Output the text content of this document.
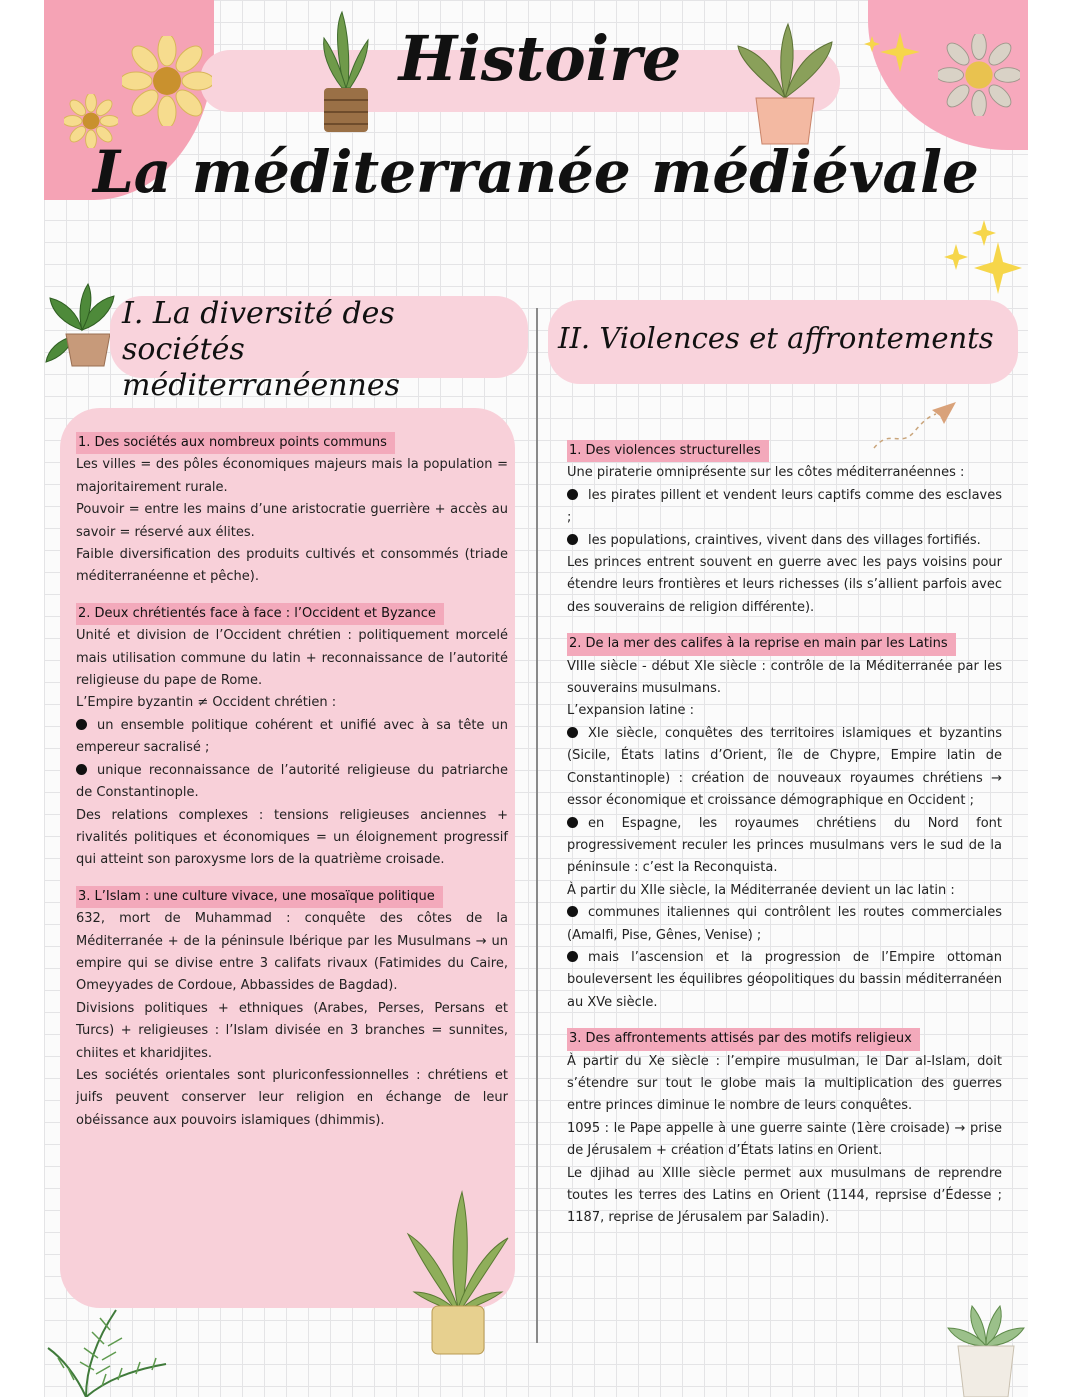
Histoire
La méditerranée médiévale
I. La diversité des
sociétés méditerranéennes
II. Violences et affrontements
1. Des sociétés aux nombreux points communs

Les villes = des pôles économiques majeurs mais la population = majoritairement rurale.

Pouvoir = entre les mains d’une aristocratie guerrière + accès au savoir = réservé aux élites.

Faible diversification des produits cultivés et consommés (triade méditerranéenne et pêche).

2. Deux chrétientés face à face : l’Occident et Byzance

Unité et division de l’Occident chrétien : politiquement morcelé mais utilisation commune du latin + reconnaissance de l’autorité religieuse du pape de Rome.

L’Empire byzantin ≠ Occident chrétien :

un ensemble politique cohérent et unifié avec à sa tête un empereur sacralisé ;

unique reconnaissance de l’autorité religieuse du patriarche de Constantinople.

Des relations complexes : tensions religieuses anciennes + rivalités politiques et économiques = un éloignement progressif qui atteint son paroxysme lors de la quatrième croisade.

3. L’Islam : une culture vivace, une mosaïque politique

632, mort de Muhammad : conquête des côtes de la Méditerranée + de la péninsule Ibérique par les Musulmans → un empire qui se divise entre 3 califats rivaux (Fatimides du Caire, Omeyyades de Cordoue, Abbassides de Bagdad).

Divisions politiques + ethniques (Arabes, Perses, Persans et Turcs) + religieuses : l’Islam divisée en 3 branches = sunnites, chiites et kharidjites.

Les sociétés orientales sont pluriconfessionnelles : chrétiens et juifs peuvent conserver leur religion en échange de leur obéissance aux pouvoirs islamiques (dhimmis).

1. Des violences structurelles

Une piraterie omniprésente sur les côtes méditerranéennes :

les pirates pillent et vendent leurs captifs comme des esclaves ;

les populations, craintives, vivent dans des villages fortifiés.

Les princes entrent souvent en guerre avec les pays voisins pour étendre leurs frontières et leurs richesses (ils s’allient parfois avec des souverains de religion différente).

2. De la mer des califes à la reprise en main par les Latins

VIIIe siècle - début XIe siècle : contrôle de la Méditerranée par les souverains musulmans.

L’expansion latine :

XIe siècle, conquêtes des territoires islamiques et byzantins (Sicile, États latins d’Orient, île de Chypre, Empire latin de Constantinople) : création de nouveaux royaumes chrétiens → essor économique et croissance démographique en Occident ;

en Espagne, les royaumes chrétiens du Nord font progressivement reculer les princes musulmans vers le sud de la péninsule : c’est la Reconquista.

À partir du XIIe siècle, la Méditerranée devient un lac latin :

communes italiennes qui contrôlent les routes commerciales (Amalfi, Pise, Gênes, Venise) ;

mais l’ascension et la progression de l’Empire ottoman bouleversent les équilibres géopolitiques du bassin méditerranéen au XVe siècle.

3. Des affrontements attisés par des motifs religieux

À partir du Xe siècle : l’empire musulman, le Dar al-Islam, doit s’étendre sur tout le globe mais la multiplication des guerres entre princes diminue le nombre de leurs conquêtes.

1095 : le Pape appelle à une guerre sainte (1ère croisade) → prise de Jérusalem + création d’États latins en Orient.

Le djihad au XIIIe siècle permet aux musulmans de reprendre toutes les terres des Latins en Orient (1144, reprsise d’Édesse ; 1187, reprise de Jérusalem par Saladin).
